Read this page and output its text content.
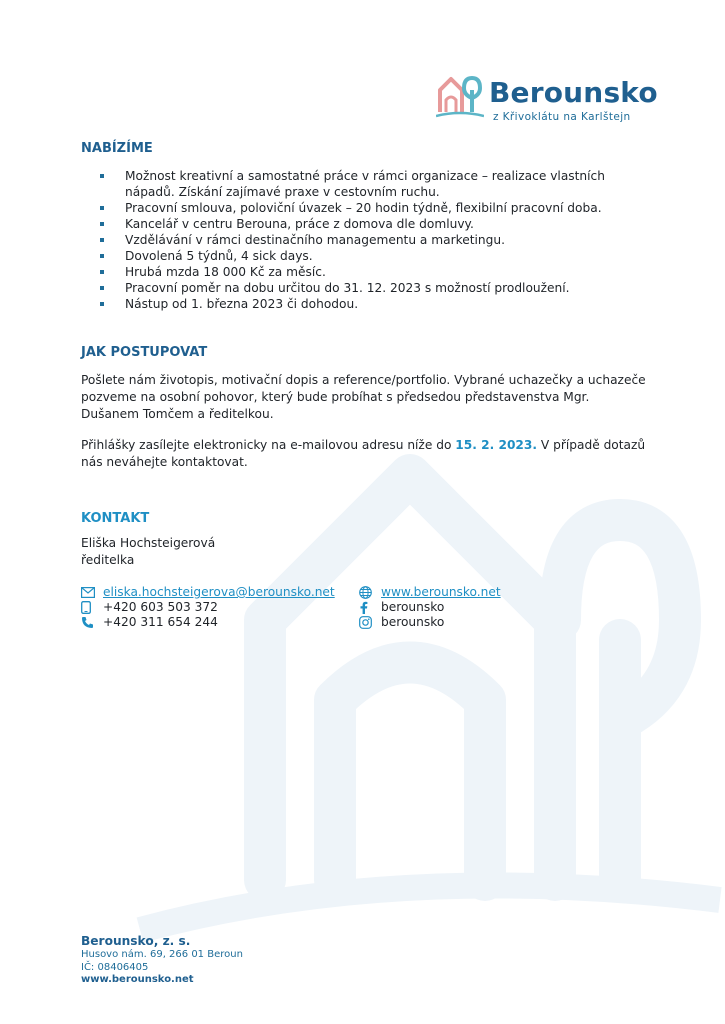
Berounsko
z Křivoklátu na Karlštejn
NABÍZÍME
Možnost kreativní a samostatné práce v rámci organizace – realizace vlastních nápadů. Získání zajímavé praxe v cestovním ruchu.
Pracovní smlouva, poloviční úvazek – 20 hodin týdně, flexibilní pracovní doba.
Kancelář v centru Berouna, práce z domova dle domluvy.
Vzdělávání v rámci destinačního managementu a marketingu.
Dovolená 5 týdnů, 4 sick days.
Hrubá mzda 18 000 Kč za měsíc.
Pracovní poměr na dobu určitou do 31. 12. 2023 s možností prodloužení.
Nástup od 1. března 2023 či dohodou.
JAK POSTUPOVAT

Pošlete nám životopis, motivační dopis a reference/portfolio. Vybrané uchazečky a uchazeče pozveme na osobní pohovor, který bude probíhat s předsedou představenstva Mgr. Dušanem Tomčem a ředitelkou.

Přihlášky zasílejte elektronicky na e-mailovou adresu níže do 15. 2. 2023. V případě dotazů nás neváhejte kontaktovat.

KONTAKT
Eliška Hochsteigerová
ředitelka
eliska.hochsteigerova@berounsko.net
+420 603 503 372
+420 311 654 244
www.berounsko.net
berounsko
berounsko
Berounsko, z. s.
Husovo nám. 69, 266 01 Beroun
IČ: 08406405
www.berounsko.net
